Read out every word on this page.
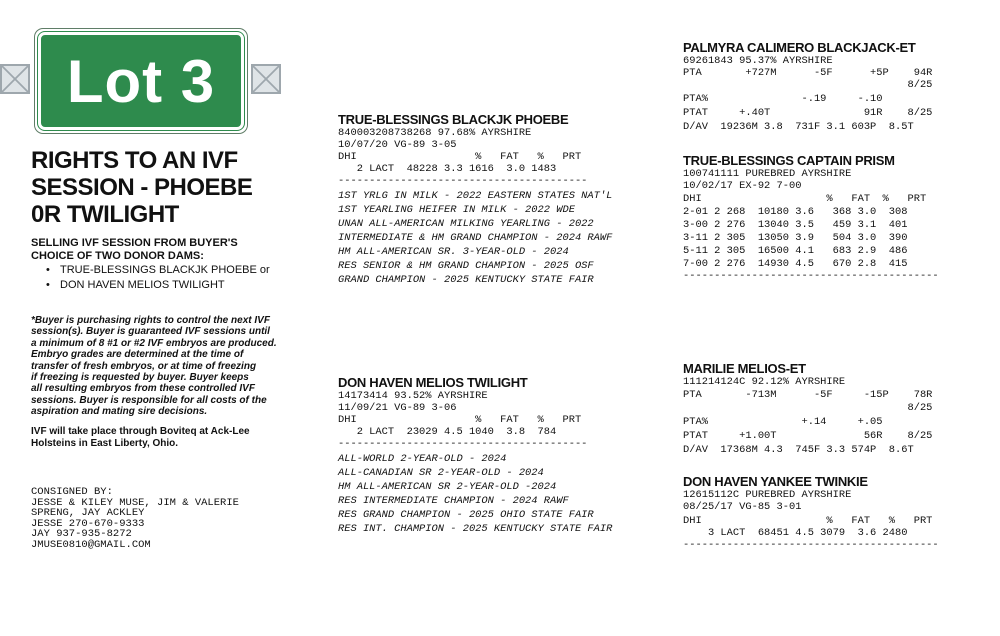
Lot 3
RIGHTS TO AN IVF
SESSION - PHOEBE
0R TWILIGHT
SELLING IVF SESSION FROM BUYER'S
CHOICE OF TWO DONOR DAMS:
• TRUE-BLESSINGS BLACKJK PHOEBE or
• DON HAVEN MELIOS TWILIGHT
*Buyer is purchasing rights to control the next IVF
session(s). Buyer is guaranteed IVF sessions until
a minimum of 8 #1 or #2 IVF embryos are produced.
Embryo grades are determined at the time of
transfer of fresh embryos, or at time of freezing
if freezing is requested by buyer. Buyer keeps
all resulting embryos from these controlled IVF
sessions. Buyer is responsible for all costs of the
aspiration and mating sire decisions.
IVF will take place through Boviteq at Ack-Lee
Holsteins in East Liberty, Ohio.
CONSIGNED BY:
JESSE & KILEY MUSE, JIM & VALERIE
SPRENG, JAY ACKLEY
JESSE 270-670-9333
JAY 937-935-8272
JMUSE0810@GMAIL.COM
TRUE-BLESSINGS BLACKJK PHOEBE
840003208738268 97.68% AYRSHIRE
10/07/20 VG-89 3-05
DHI                   %   FAT   %   PRT
2 LACT  48228 3.3 1616  3.0 1483
----------------------------------------
1ST YRLG IN MILK - 2022 EASTERN STATES NAT'L
1ST YEARLING HEIFER IN MILK - 2022 WDE
UNAN ALL-AMERICAN MILKING YEARLING - 2022
INTERMEDIATE & HM GRAND CHAMPION - 2024 RAWF
HM ALL-AMERICAN SR. 3-YEAR-OLD - 2024
RES SENIOR & HM GRAND CHAMPION - 2025 OSF
GRAND CHAMPION - 2025 KENTUCKY STATE FAIR
DON HAVEN MELIOS TWILIGHT
14173414 93.52% AYRSHIRE
11/09/21 VG-89 3-06
DHI                   %   FAT   %   PRT
2 LACT  23029 4.5 1040  3.8  784
----------------------------------------
ALL-WORLD 2-YEAR-OLD - 2024
ALL-CANADIAN SR 2-YEAR-OLD - 2024
HM ALL-AMERICAN SR 2-YEAR-OLD -2024
RES INTERMEDIATE CHAMPION - 2024 RAWF
RES GRAND CHAMPION - 2025 OHIO STATE FAIR
RES INT. CHAMPION - 2025 KENTUCKY STATE FAIR
PALMYRA CALIMERO BLACKJACK-ET
69261843 95.37% AYRSHIRE
PTA       +727M      -5F      +5P    94R
8/25
PTA%               -.19     -.10
PTAT     +.40T               91R    8/25
D/AV  19236M 3.8  731F 3.1 603P  8.5T
TRUE-BLESSINGS CAPTAIN PRISM
100741111 PUREBRED AYRSHIRE
10/02/17 EX-92 7-00
DHI                    %   FAT  %   PRT
2-01 2 268  10180 3.6   368 3.0  308
3-00 2 276  13040 3.5   459 3.1  401
3-11 2 305  13050 3.9   504 3.0  390
5-11 2 305  16500 4.1   683 2.9  486
7-00 2 276  14930 4.5   670 2.8  415
-----------------------------------------
MARILIE MELIOS-ET
111214124C 92.12% AYRSHIRE
PTA       -713M      -5F     -15P    78R
8/25
PTA%               +.14     +.05
PTAT     +1.00T              56R    8/25
D/AV  17368M 4.3  745F 3.3 574P  8.6T
DON HAVEN YANKEE TWINKIE
12615112C PUREBRED AYRSHIRE
08/25/17 VG-85 3-01
DHI                    %   FAT   %   PRT
3 LACT  68451 4.5 3079  3.6 2480
-----------------------------------------
